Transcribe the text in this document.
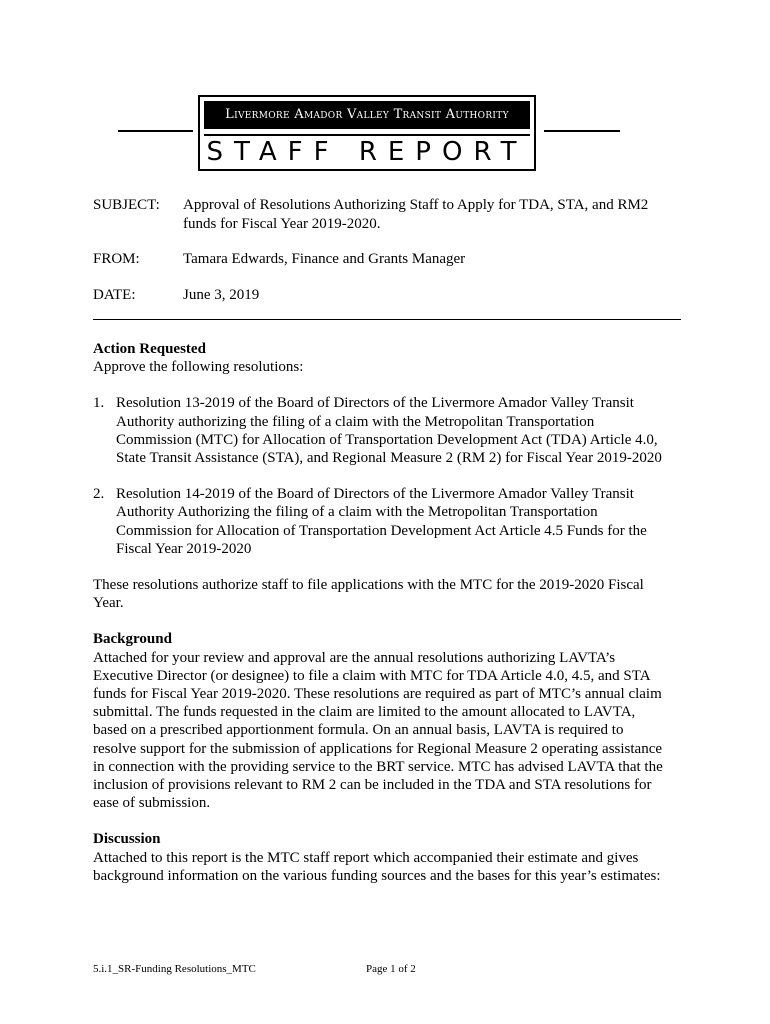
Livermore Amador Valley Transit Authority
STAFF REPORT
SUBJECT:	Approval of Resolutions Authorizing Staff to Apply for TDA, STA, and RM2 funds for Fiscal Year 2019-2020.
FROM:	Tamara Edwards, Finance and Grants Manager
DATE:	June 3, 2019
Action Requested

Approve the following resolutions:

1. Resolution 13-2019 of the Board of Directors of the Livermore Amador Valley Transit Authority authorizing the filing of a claim with the Metropolitan Transportation Commission (MTC) for Allocation of Transportation Development Act (TDA) Article 4.0, State Transit Assistance (STA), and Regional Measure 2 (RM 2) for Fiscal Year 2019-2020
2. Resolution 14-2019 of the Board of Directors of the Livermore Amador Valley Transit Authority Authorizing the filing of a claim with the Metropolitan Transportation Commission for Allocation of Transportation Development Act Article 4.5 Funds for the Fiscal Year 2019-2020

These resolutions authorize staff to file applications with the MTC for the 2019-2020 Fiscal Year.

Background

Attached for your review and approval are the annual resolutions authorizing LAVTA’s Executive Director (or designee) to file a claim with MTC for TDA Article 4.0, 4.5, and STA funds for Fiscal Year 2019-2020. These resolutions are required as part of MTC’s annual claim submittal. The funds requested in the claim are limited to the amount allocated to LAVTA, based on a prescribed apportionment formula. On an annual basis, LAVTA is required to resolve support for the submission of applications for Regional Measure 2 operating assistance in connection with the providing service to the BRT service. MTC has advised LAVTA that the inclusion of provisions relevant to RM 2 can be included in the TDA and STA resolutions for ease of submission.

Discussion

Attached to this report is the MTC staff report which accompanied their estimate and gives background information on the various funding sources and the bases for this year’s estimates:

5.i.1_SR-Funding Resolutions_MTC	Page 1 of 2
